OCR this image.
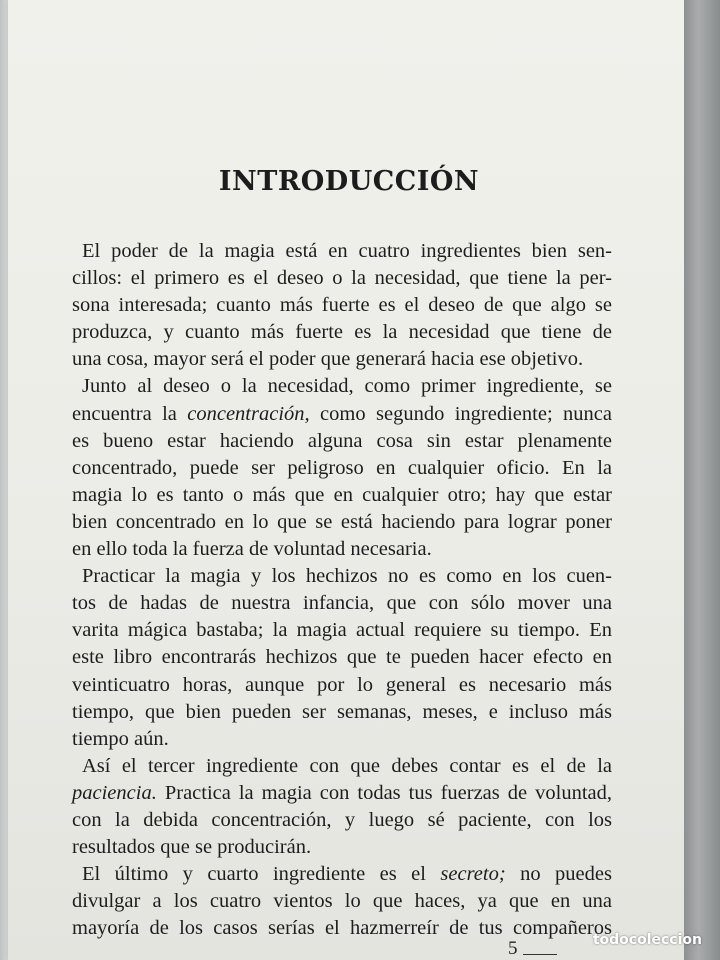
INTRODUCCIÓN
El poder de la magia está en cuatro ingredientes bien sen-
cillos: el primero es el deseo o la necesidad, que tiene la per-
sona interesada; cuanto más fuerte es el deseo de que algo se
produzca, y cuanto más fuerte es la necesidad que tiene de
una cosa, mayor será el poder que generará hacia ese objetivo.
Junto al deseo o la necesidad, como primer ingrediente, se
encuentra la concentración, como segundo ingrediente; nunca
es bueno estar haciendo alguna cosa sin estar plenamente
concentrado, puede ser peligroso en cualquier oficio. En la
magia lo es tanto o más que en cualquier otro; hay que estar
bien concentrado en lo que se está haciendo para lograr poner
en ello toda la fuerza de voluntad necesaria.
Practicar la magia y los hechizos no es como en los cuen-
tos de hadas de nuestra infancia, que con sólo mover una
varita mágica bastaba; la magia actual requiere su tiempo. En
este libro encontrarás hechizos que te pueden hacer efecto en
veinticuatro horas, aunque por lo general es necesario más
tiempo, que bien pueden ser semanas, meses, e incluso más
tiempo aún.
Así el tercer ingrediente con que debes contar es el de la
paciencia. Practica la magia con todas tus fuerzas de voluntad,
con la debida concentración, y luego sé paciente, con los
resultados que se producirán.
El último y cuarto ingrediente es el secreto; no puedes
divulgar a los cuatro vientos lo que haces, ya que en una
mayoría de los casos serías el hazmerreír de tus compañeros
5	todocoleccion
